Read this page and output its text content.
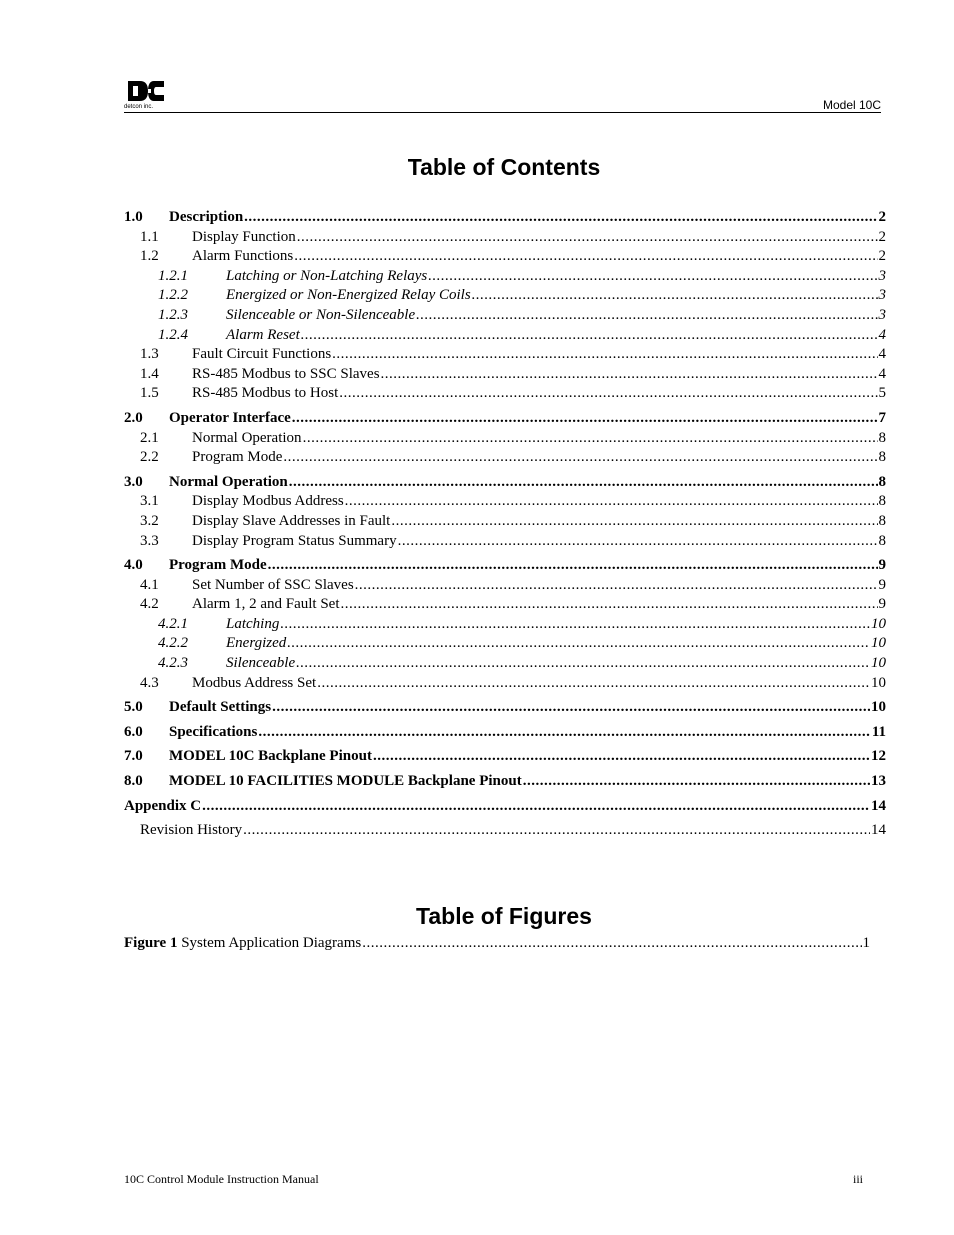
detcon inc.	Model 10C
Table of Contents
1.0	Description .....	2
1.1	Display Function .....	2
1.2	Alarm Functions .....	2
1.2.1	Latching or Non-Latching Relays .....	3
1.2.2	Energized or Non-Energized Relay Coils .....	3
1.2.3	Silenceable or Non-Silenceable .....	3
1.2.4	Alarm Reset .....	4
1.3	Fault Circuit Functions .....	4
1.4	RS-485 Modbus to SSC Slaves .....	4
1.5	RS-485 Modbus to Host .....	5
2.0	Operator Interface .....	7
2.1	Normal Operation .....	8
2.2	Program Mode .....	8
3.0	Normal Operation .....	8
3.1	Display Modbus Address .....	8
3.2	Display Slave Addresses in Fault .....	8
3.3	Display Program Status Summary .....	8
4.0	Program Mode .....	9
4.1	Set Number of SSC Slaves .....	9
4.2	Alarm 1, 2 and Fault Set .....	9
4.2.1	Latching .....	10
4.2.2	Energized .....	10
4.2.3	Silenceable .....	10
4.3	Modbus Address Set .....	10
5.0	Default Settings .....	10
6.0	Specifications .....	11
7.0	MODEL 10C Backplane Pinout .....	12
8.0	MODEL 10 FACILITIES MODULE Backplane Pinout .....	13
Appendix C .....	14
Revision History .....	14
Table of Figures
Figure 1 System Application Diagrams .....	1
10C Control Module Instruction Manual	iii
